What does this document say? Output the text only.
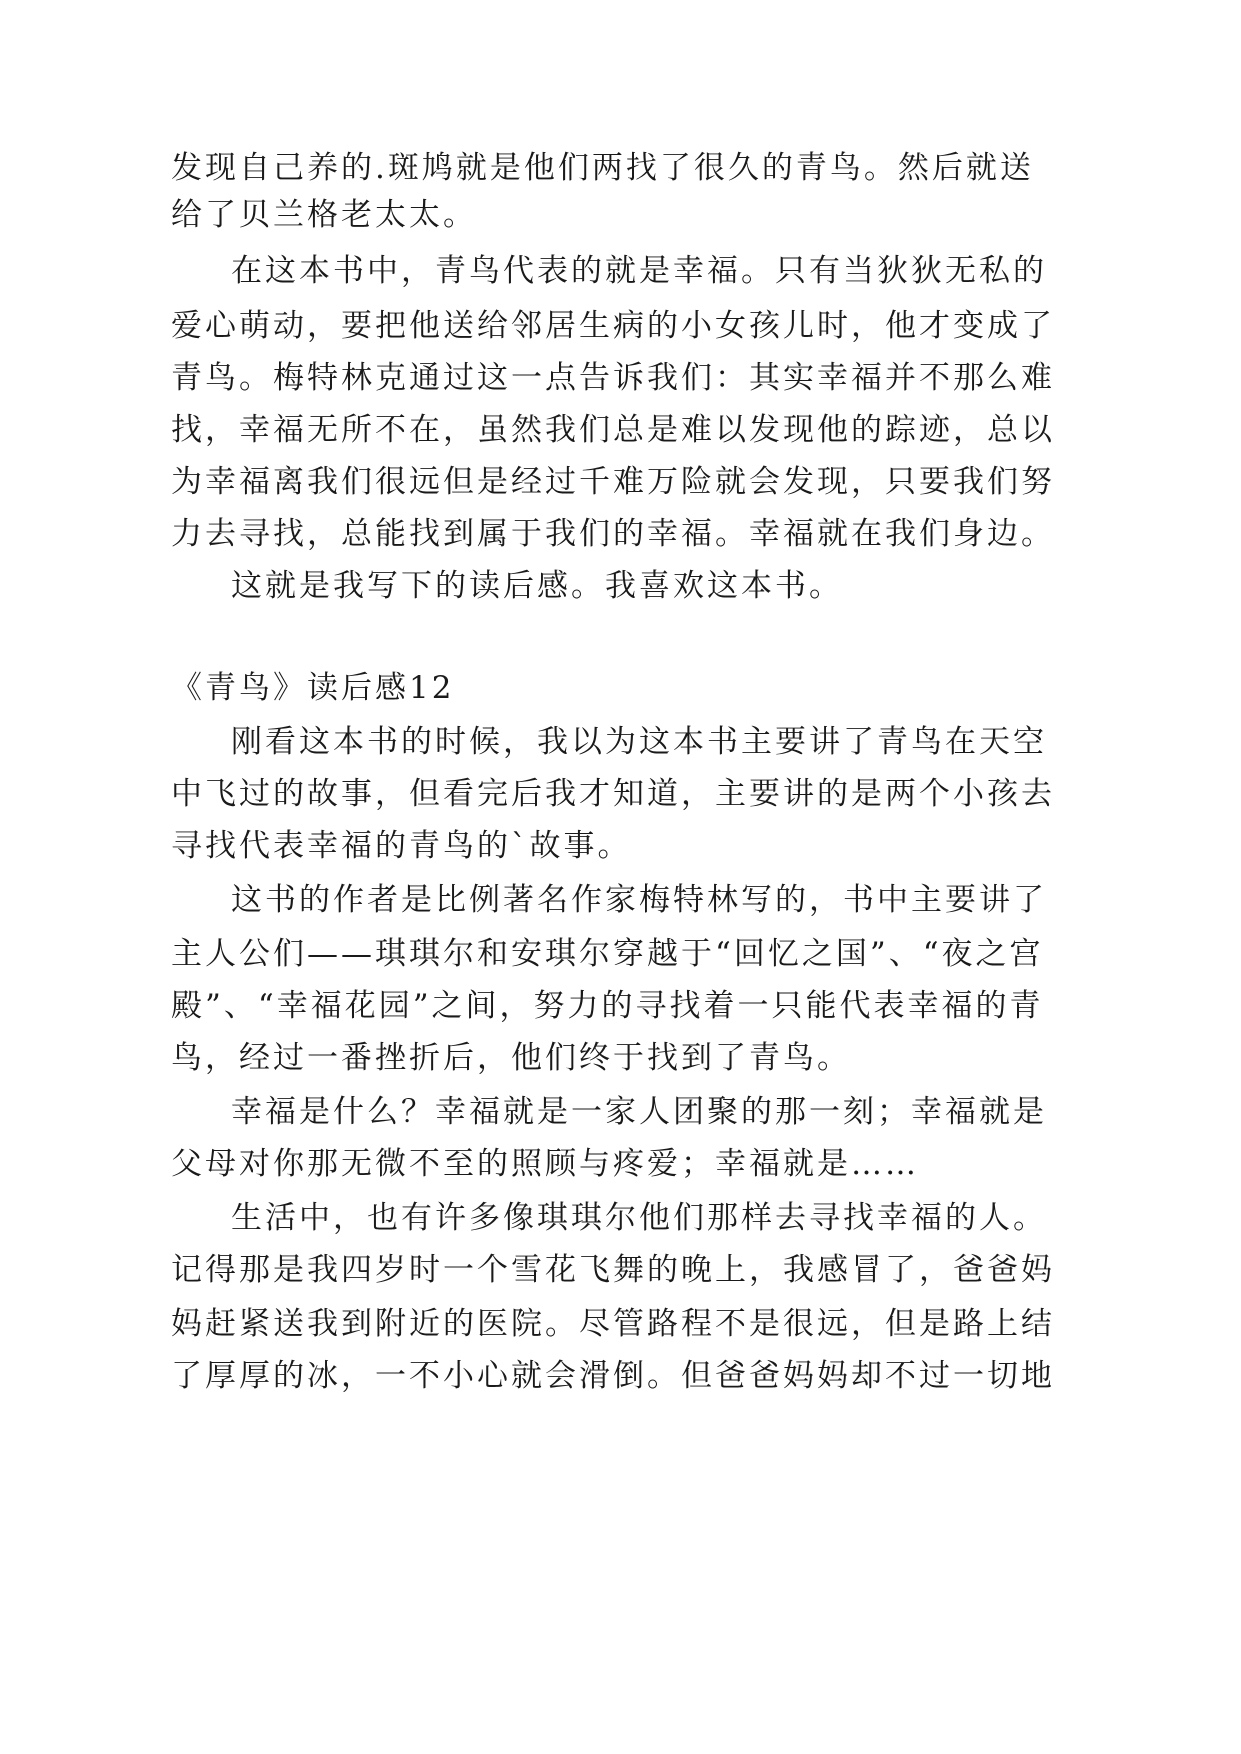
发现自己养的.斑鸠就是他们两找了很久的青鸟。然后就送
给了贝兰格老太太。
在这本书中，青鸟代表的就是幸福。只有当狄狄无私的
爱心萌动，要把他送给邻居生病的小女孩儿时，他才变成了
青鸟。梅特林克通过这一点告诉我们：其实幸福并不那么难
找，幸福无所不在，虽然我们总是难以发现他的踪迹，总以
为幸福离我们很远但是经过千难万险就会发现，只要我们努
力去寻找，总能找到属于我们的幸福。幸福就在我们身边。
这就是我写下的读后感。我喜欢这本书。
《青鸟》读后感12
刚看这本书的时候，我以为这本书主要讲了青鸟在天空
中飞过的故事，但看完后我才知道，主要讲的是两个小孩去
寻找代表幸福的青鸟的`故事。
这书的作者是比例著名作家梅特林写的，书中主要讲了
主人公们——琪琪尔和安琪尔穿越于“回忆之国”、“夜之宫
殿”、“幸福花园”之间，努力的寻找着一只能代表幸福的青
鸟，经过一番挫折后，他们终于找到了青鸟。
幸福是什么？幸福就是一家人团聚的那一刻；幸福就是
父母对你那无微不至的照顾与疼爱；幸福就是……
生活中，也有许多像琪琪尔他们那样去寻找幸福的人。
记得那是我四岁时一个雪花飞舞的晚上，我感冒了，爸爸妈
妈赶紧送我到附近的医院。尽管路程不是很远，但是路上结
了厚厚的冰，一不小心就会滑倒。但爸爸妈妈却不过一切地
